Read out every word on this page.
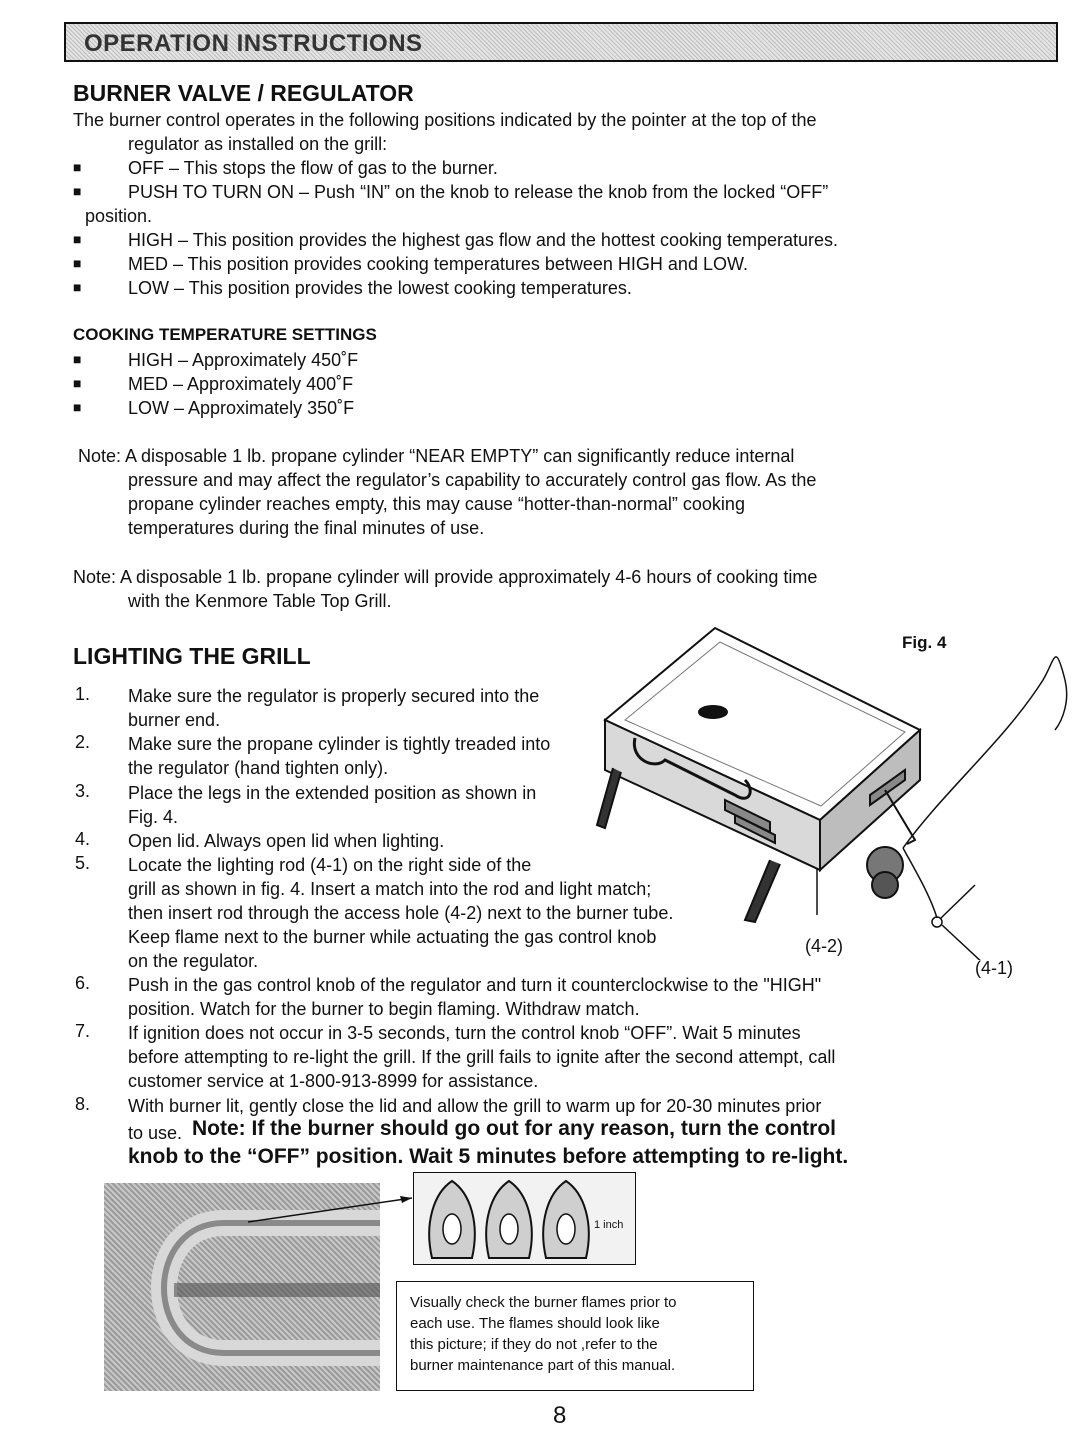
OPERATION INSTRUCTIONS
BURNER VALVE / REGULATOR
The burner control operates in the following positions indicated by the pointer at the top of the
regulator as installed on the grill:
■	OFF – This stops the flow of gas to the burner.
■	PUSH TO TURN ON – Push “IN” on the knob to release the knob from the locked “OFF”
position.
■	HIGH – This position provides the highest gas flow and the hottest cooking temperatures.
■	MED – This position provides cooking temperatures between HIGH and LOW.
■	LOW – This position provides the lowest cooking temperatures.
COOKING TEMPERATURE SETTINGS
■	HIGH – Approximately 450˚F
■	MED – Approximately 400˚F
■	LOW – Approximately 350˚F
Note: A disposable 1 lb. propane cylinder “NEAR EMPTY” can significantly reduce internal
pressure and may affect the regulator’s capability to accurately control gas flow. As the
propane cylinder reaches empty, this may cause “hotter-than-normal” cooking
temperatures during the final minutes of use.
Note: A disposable 1 lb. propane cylinder will provide approximately 4-6 hours of cooking time
with the Kenmore Table Top Grill.
LIGHTING THE GRILL
Fig. 4
(4-2)
(4-1)
1. Make sure the regulator is properly secured into the
burner end.
2. Make sure the propane cylinder is tightly treaded into
the regulator (hand tighten only).
3. Place the legs in the extended position as shown in
Fig. 4.
4. Open lid. Always open lid when lighting.
5. Locate the lighting rod (4-1) on the right side of the
grill as shown in fig. 4. Insert a match into the rod and light match;
then insert rod through the access hole (4-2) next to the burner tube.
Keep flame next to the burner while actuating the gas control knob
on the regulator.
6. Push in the gas control knob of the regulator and turn it counterclockwise to the "HIGH"
position. Watch for the burner to begin flaming. Withdraw match.
7. If ignition does not occur in 3-5 seconds, turn the control knob “OFF”. Wait 5 minutes
before attempting to re-light the grill. If the grill fails to ignite after the second attempt, call
customer service at 1-800-913-8999 for assistance.
8. With burner lit, gently close the lid and allow the grill to warm up for 20-30 minutes prior
to use. Note: If the burner should go out for any reason, turn the control
knob to the “OFF” position. Wait 5 minutes before attempting to re-light.
1 inch
Visually check the burner flames prior to
each use. The flames should look like
this picture; if they do not ,refer to the
burner maintenance part of this manual.
8
